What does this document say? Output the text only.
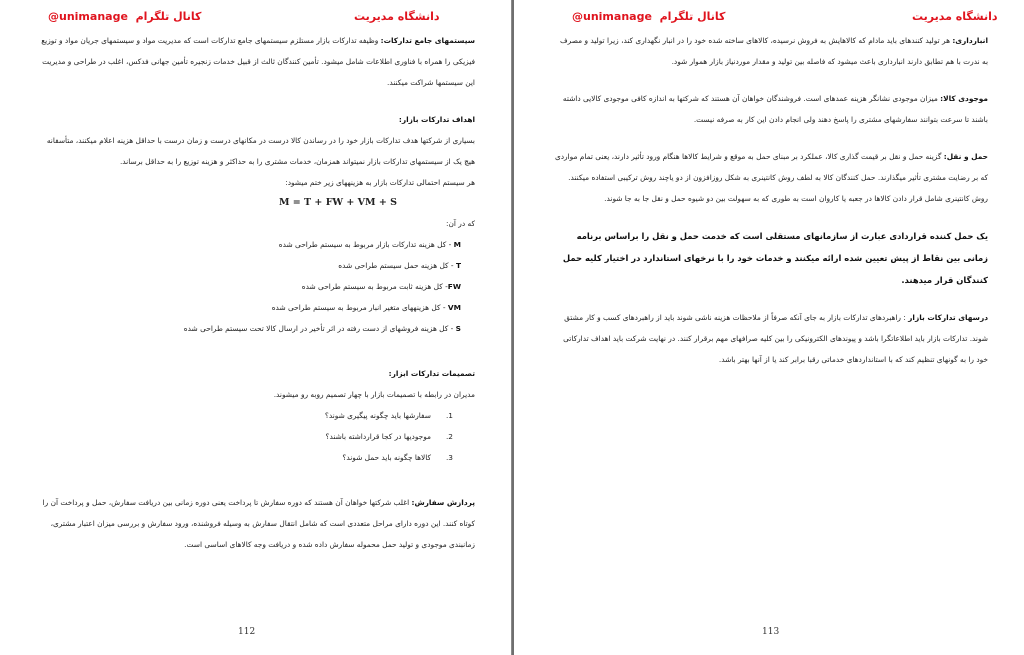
@unimanage کانال تلگرام	دانشگاه مدیریت

سیستمهای جامع تدارکات: وظیفه تدارکات بازار مستلزم سیستمهای جامع تدارکات است که مدیریت مواد و سیستمهای جریان مواد و توزیع فیزیکی را همراه با فناوری اطلاعات شامل میشود. تأمین کنندگان ثالث از قبیل خدمات زنجیره تأمین جهانی فدکس، اغلب در طراحی و مدیریت این سیستمها شراکت میکنند.

اهداف تدارکات بازار:

بسیاری از شرکتها هدف تدارکات بازار خود را در رساندن کالا درست در مکانهای درست و زمان درست با حداقل هزینه اعلام میکنند، متأسفانه هیچ یک از سیستمهای تدارکات بازار نمیتواند همزمان، خدمات مشتری را به حداکثر و هزینه توزیع را به حداقل برساند.

هر سیستم احتمالی تدارکات بازار به هزینههای زیر ختم میشود:

M = T + FW + VM + S

که در آن:

M - کل هزینه تدارکات بازار مربوط به سیستم طراحی شده
T - کل هزینه حمل سیستم طراحی شده
FW- کل هزینه ثابت مربوط به سیستم طراحی شده
VM - کل هزینههای متغیر انبار مربوط به سیستم طراحی شده
S - کل هزینه فروشهای از دست رفته در اثر تأخیر در ارسال کالا تحت سیستم طراحی شده

تصمیمات تدارکات ابزار:

مدیران در رابطه با تصمیمات بازار با چهار تصمیم روبه رو میشوند.

1.سفارشها باید چگونه پیگیری شوند؟
2.موجودیها در کجا قرارداشته باشند؟
3.کالاها چگونه باید حمل شوند؟

پردازش سفارش: اغلب شرکتها خواهان آن هستند که دوره سفارش تا پرداخت یعنی دوره زمانی بین دریافت سفارش، حمل و پرداخت آن را کوتاه کنند. این دوره دارای مراحل متعددی است که شامل انتقال سفارش به وسیله فروشنده، ورود سفارش و بررسی میزان اعتبار مشتری، زمانبندی موجودی و تولید حمل محموله سفارش داده شده و دریافت وجه کالاهای اساسی است.

112
@unimanage کانال تلگرام	دانشگاه مدیریت

انبارداری: هر تولید کنندهای باید مادام که کالاهایش به فروش نرسیده، کالاهای ساخته شده خود را در انبار نگهداری کند، زیرا تولید و مصرف به ندرت با هم تطابق دارند انبارداری باعث میشود که فاصله بین تولید و مقدار موردنیاز بازار هموار شود.

موجودی کالا: میزان موجودی نشانگر هزینه عمدهای است. فروشندگان خواهان آن هستند که شرکتها به اندازه کافی موجودی کالایی داشته باشند تا سرعت بتوانند سفارشهای مشتری را پاسخ دهند ولی انجام دادن این کار به صرفه نیست.

حمل و نقل: گزینه حمل و نقل بر قیمت گذاری کالا، عملکرد بر مبنای حمل به موقع و شرایط کالاها هنگام ورود تأثیر دارند، یعنی تمام مواردی که بر رضایت مشتری تأثیر میگذارند. حمل کنندگان کالا به لطف روش کانتینری به شکل روزافزون از دو یاچند روش ترکیبی استفاده میکنند. روش کانتینری شامل قرار دادن کالاها در جعبه یا کاروان است به طوری که به سهولت بین دو شیوه حمل و نقل جا به جا شوند.

یک حمل کننده قراردادی عبارت از سازمانهای مستقلی است که خدمت حمل و نقل را براساس برنامه زمانی بین نقاط از پیش تعیین شده ارائه میکنند و خدمات خود را با نرخهای استاندارد در اختیار کلیه حمل کنندگان قرار میدهند.

درسهای تدارکات بازار : راهبردهای تدارکات بازار به جای آنکه صرفاً از ملاحظات هزینه ناشی شوند باید از راهبردهای کسب و کار مشتق شوند. تدارکات بازار باید اطلاعاتگرا باشد و پیوندهای الکترونیکی را بین کلیه صرافهای مهم برقرار کنند. در نهایت شرکت باید اهداف تدارکاتی خود را به گونهای تنظیم کند که با استانداردهای خدماتی رقبا برابر کند یا از آنها بهتر باشد.

113
